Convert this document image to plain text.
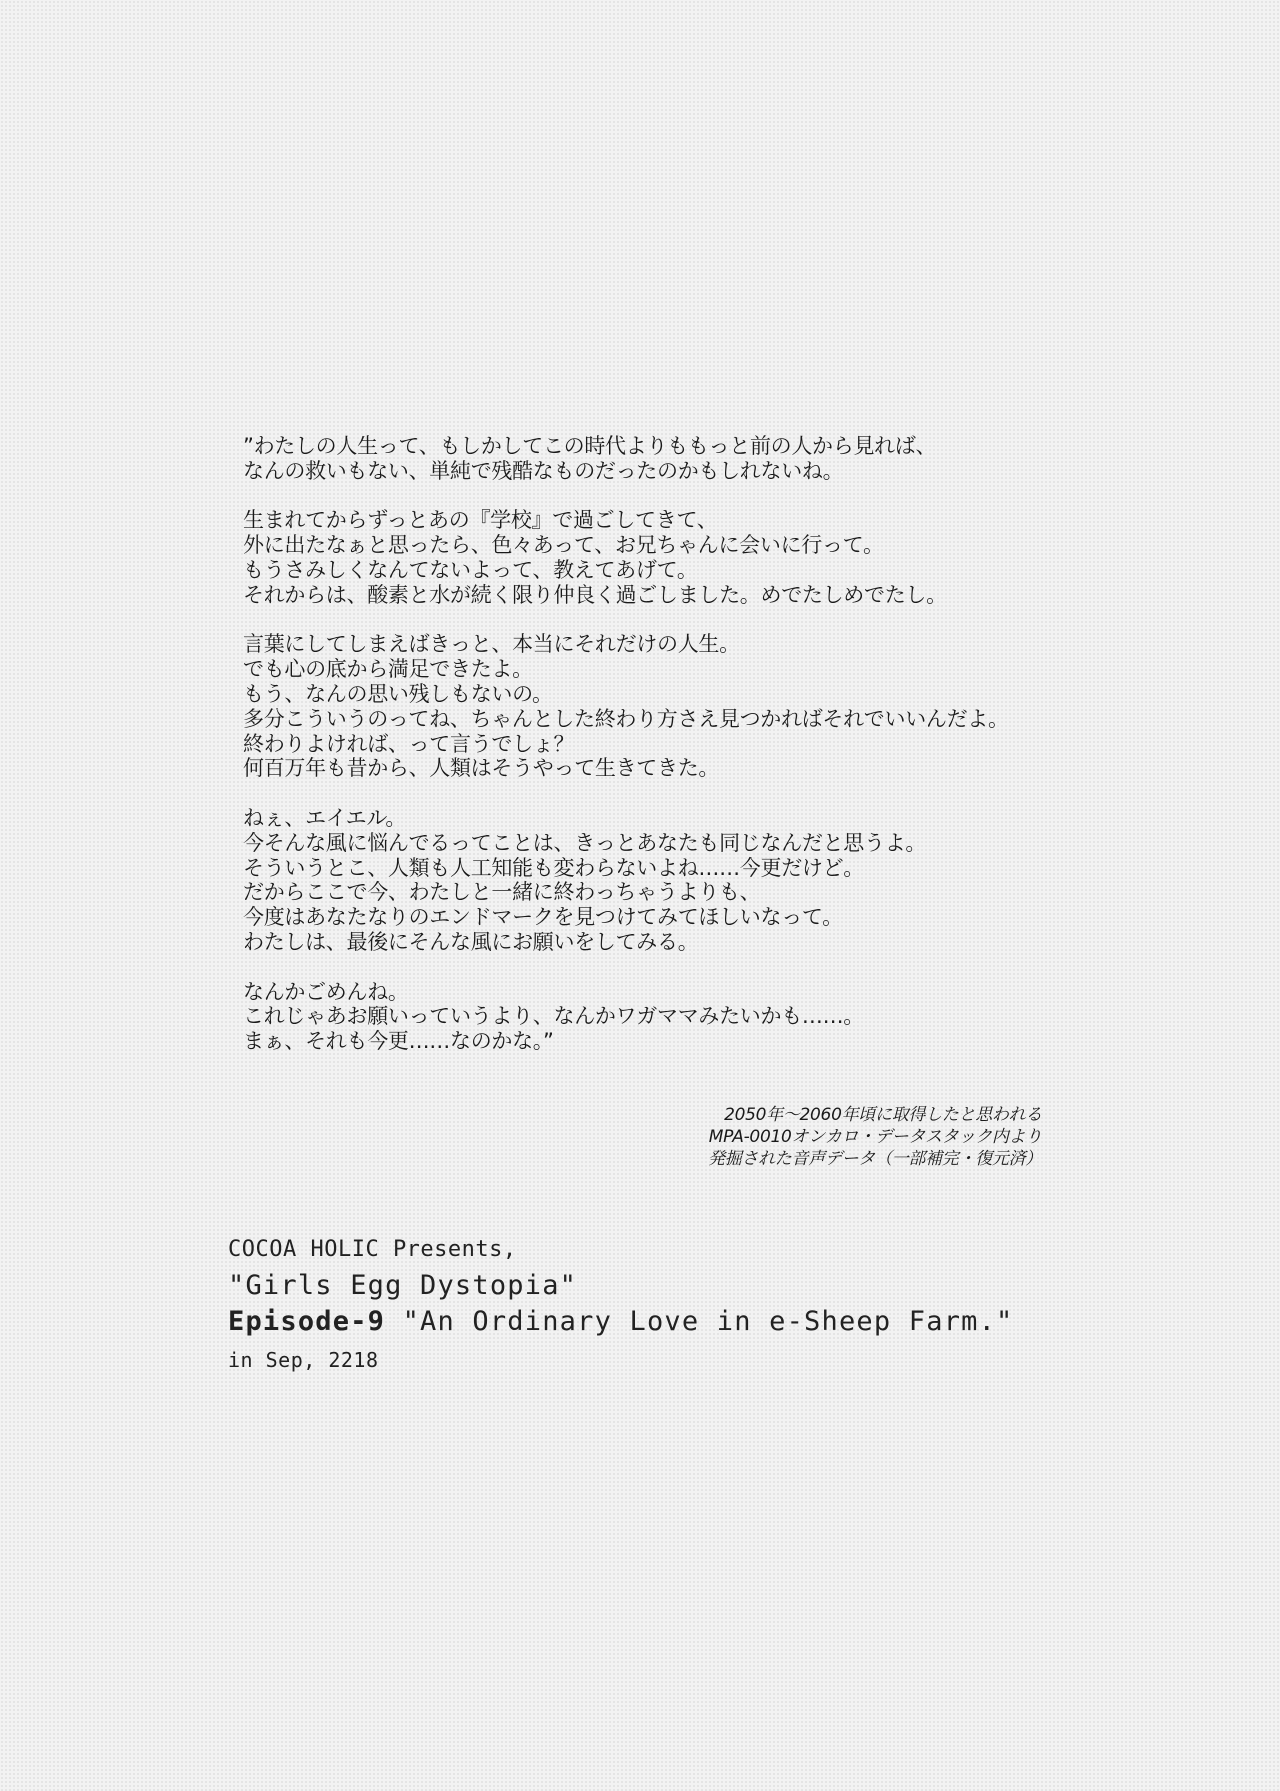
”わたしの人生って、もしかしてこの時代よりももっと前の人から見れば、
なんの救いもない、単純で残酷なものだったのかもしれないね。
生まれてからずっとあの『学校』で過ごしてきて、
外に出たなぁと思ったら、色々あって、お兄ちゃんに会いに行って。
もうさみしくなんてないよって、教えてあげて。
それからは、酸素と水が続く限り仲良く過ごしました。めでたしめでたし。
言葉にしてしまえばきっと、本当にそれだけの人生。
でも心の底から満足できたよ。
もう、なんの思い残しもないの。
多分こういうのってね、ちゃんとした終わり方さえ見つかればそれでいいんだよ。
終わりよければ、って言うでしょ？
何百万年も昔から、人類はそうやって生きてきた。
ねぇ、エイエル。
今そんな風に悩んでるってことは、きっとあなたも同じなんだと思うよ。
そういうとこ、人類も人工知能も変わらないよね……今更だけど。
だからここで今、わたしと一緒に終わっちゃうよりも、
今度はあなたなりのエンドマークを見つけてみてほしいなって。
わたしは、最後にそんな風にお願いをしてみる。
なんかごめんね。
これじゃあお願いっていうより、なんかワガママみたいかも……。
まぁ、それも今更……なのかな。”
2050年～2060年頃に取得したと思われる
MPA-0010オンカロ・データスタック内より
発掘された音声データ（一部補完・復元済）
COCOA HOLIC Presents,
"Girls Egg Dystopia"
Episode-9 "An Ordinary Love in e-Sheep Farm."
in Sep, 2218
